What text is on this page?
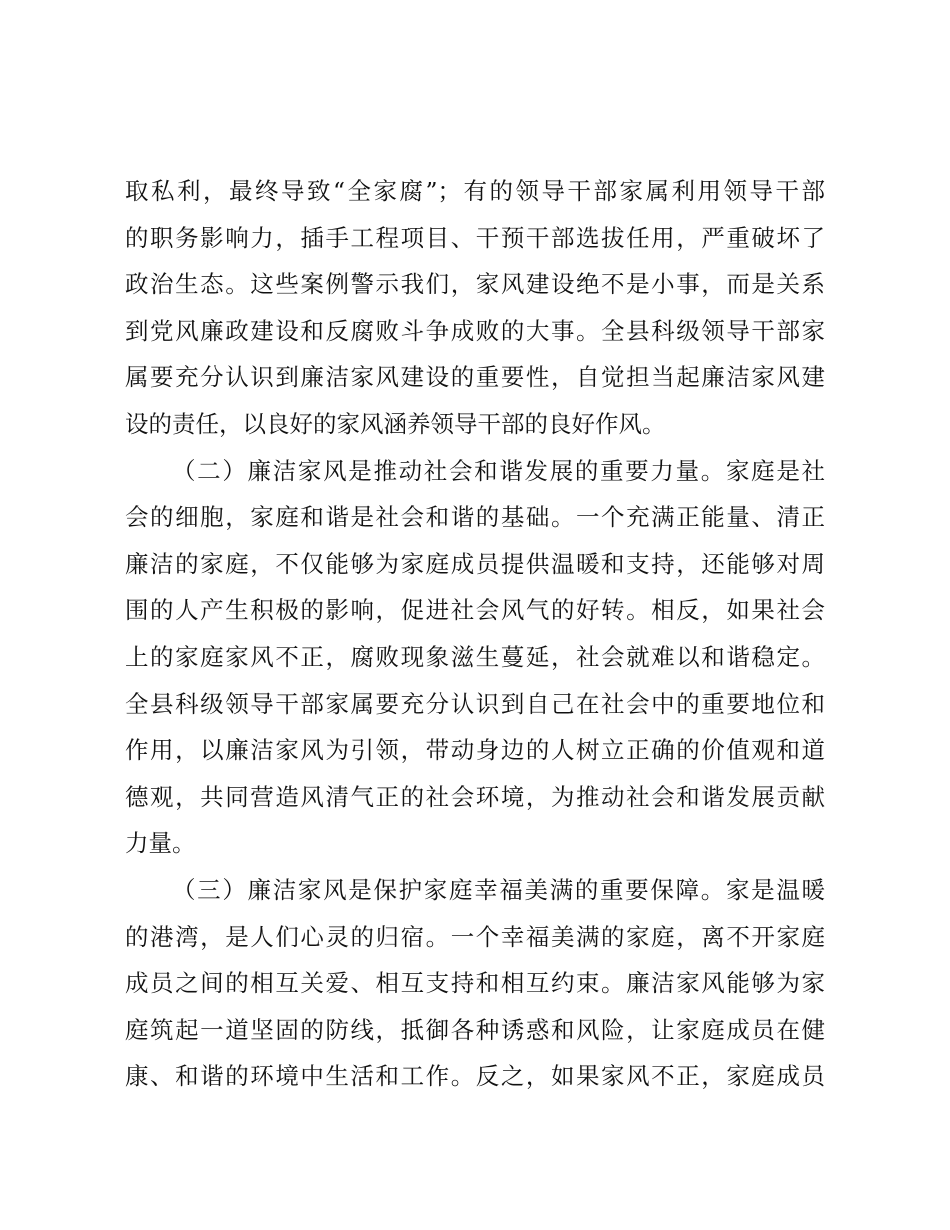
取私利，最终导致“全家腐”；有的领导干部家属利用领导干部
的职务影响力，插手工程项目、干预干部选拔任用，严重破坏了
政治生态。这些案例警示我们，家风建设绝不是小事，而是关系
到党风廉政建设和反腐败斗争成败的大事。全县科级领导干部家
属要充分认识到廉洁家风建设的重要性，自觉担当起廉洁家风建
设的责任，以良好的家风涵养领导干部的良好作风。
（二）廉洁家风是推动社会和谐发展的重要力量。家庭是社
会的细胞，家庭和谐是社会和谐的基础。一个充满正能量、清正
廉洁的家庭，不仅能够为家庭成员提供温暖和支持，还能够对周
围的人产生积极的影响，促进社会风气的好转。相反，如果社会
上的家庭家风不正，腐败现象滋生蔓延，社会就难以和谐稳定。
全县科级领导干部家属要充分认识到自己在社会中的重要地位和
作用，以廉洁家风为引领，带动身边的人树立正确的价值观和道
德观，共同营造风清气正的社会环境，为推动社会和谐发展贡献
力量。
（三）廉洁家风是保护家庭幸福美满的重要保障。家是温暖
的港湾，是人们心灵的归宿。一个幸福美满的家庭，离不开家庭
成员之间的相互关爱、相互支持和相互约束。廉洁家风能够为家
庭筑起一道坚固的防线，抵御各种诱惑和风险，让家庭成员在健
康、和谐的环境中生活和工作。反之，如果家风不正，家庭成员
